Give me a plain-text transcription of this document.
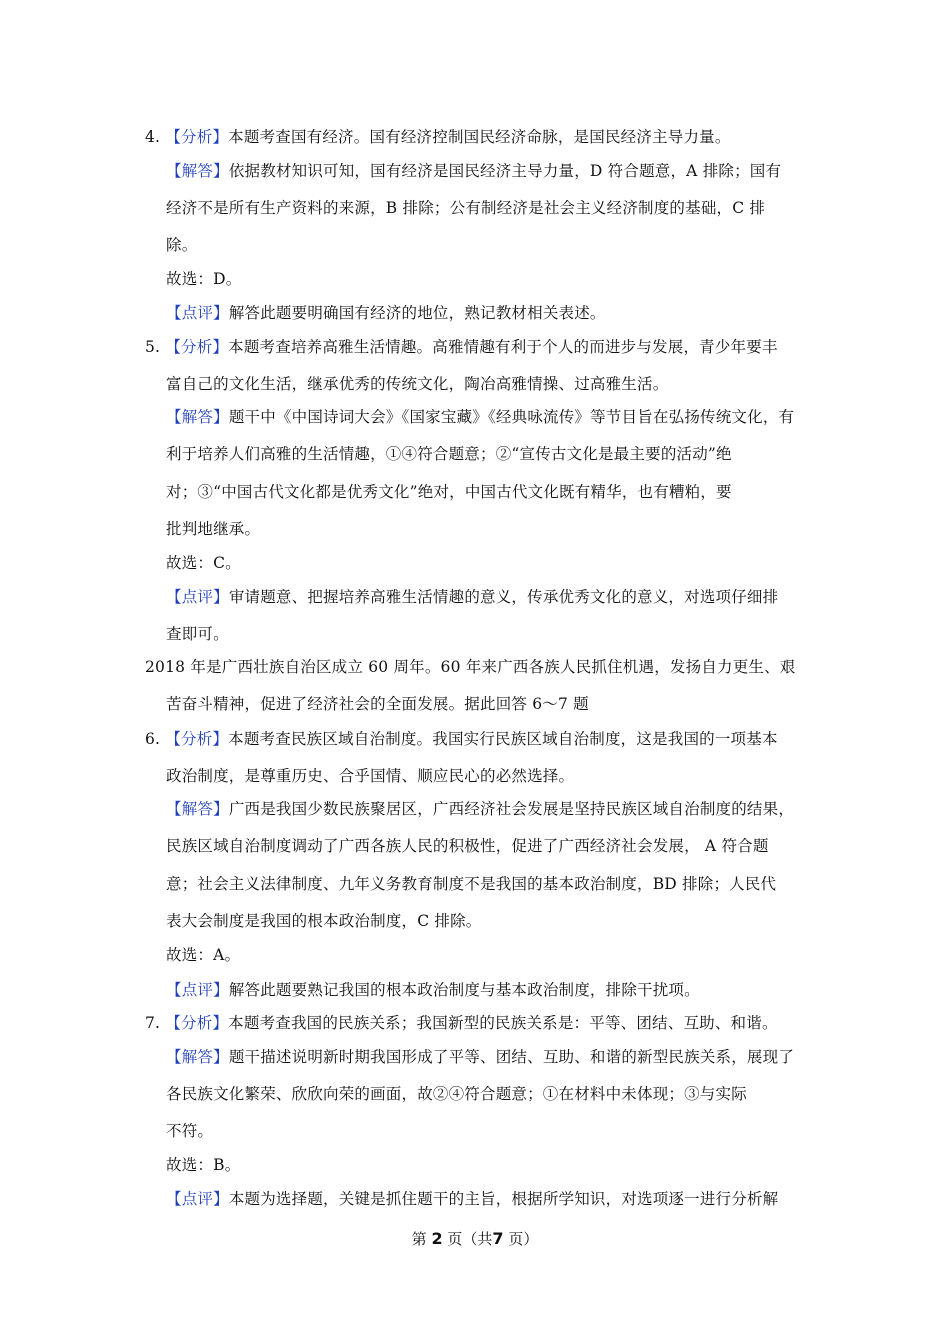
4. 【分析】本题考查国有经济。国有经济控制国民经济命脉，是国民经济主导力量。
【解答】依据教材知识可知，国有经济是国民经济主导力量，D 符合题意，A 排除；国有
经济不是所有生产资料的来源，B 排除；公有制经济是社会主义经济制度的基础，C 排
除。
故选：D。
【点评】解答此题要明确国有经济的地位，熟记教材相关表述。
5. 【分析】本题考查培养高雅生活情趣。高雅情趣有利于个人的而进步与发展，青少年要丰
富自己的文化生活，继承优秀的传统文化，陶冶高雅情操、过高雅生活。
【解答】题干中《中国诗词大会》《国家宝藏》《经典咏流传》等节目旨在弘扬传统文化，有
利于培养人们高雅的生活情趣，①④符合题意；②“宣传古文化是最主要的活动”绝
对；③“中国古代文化都是优秀文化”绝对，中国古代文化既有精华，也有糟粕，要
批判地继承。
故选：C。
【点评】审请题意、把握培养高雅生活情趣的意义，传承优秀文化的意义，对选项仔细排
查即可。
2018 年是广西壮族自治区成立 60 周年。60 年来广西各族人民抓住机遇，发扬自力更生、艰
苦奋斗精神，促进了经济社会的全面发展。据此回答 6～7 题
6. 【分析】本题考查民族区域自治制度。我国实行民族区域自治制度，这是我国的一项基本
政治制度，是尊重历史、合乎国情、顺应民心的必然选择。
【解答】广西是我国少数民族聚居区，广西经济社会发展是坚持民族区域自治制度的结果，
民族区域自治制度调动了广西各族人民的积极性，促进了广西经济社会发展， A 符合题
意；社会主义法律制度、九年义务教育制度不是我国的基本政治制度，BD 排除；人民代
表大会制度是我国的根本政治制度，C 排除。
故选：A。
【点评】解答此题要熟记我国的根本政治制度与基本政治制度，排除干扰项。
7. 【分析】本题考查我国的民族关系；我国新型的民族关系是：平等、团结、互助、和谐。
【解答】题干描述说明新时期我国形成了平等、团结、互助、和谐的新型民族关系，展现了
各民族文化繁荣、欣欣向荣的画面，故②④符合题意；①在材料中未体现；③与实际
不符。
故选：B。
【点评】本题为选择题，关键是抓住题干的主旨，根据所学知识，对选项逐一进行分析解
第 2 页（共7 页）
